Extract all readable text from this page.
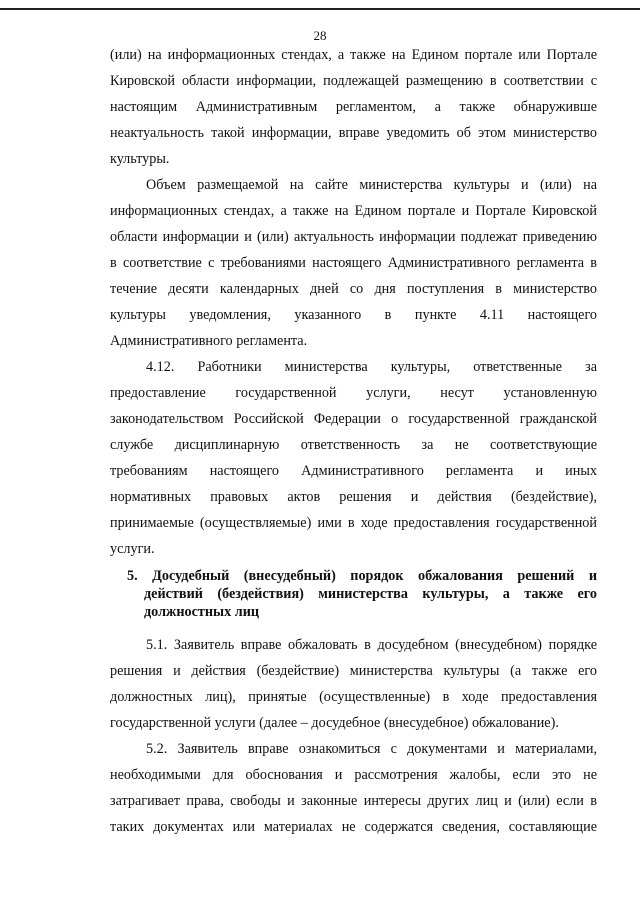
28
(или) на информационных стендах, а также на Едином портале или Портале
Кировской области информации, подлежащей размещению в соответствии с
настоящим Административным регламентом, а также обнаруживше
неактуальность такой информации, вправе уведомить об этом министерство
культуры.
Объем размещаемой на сайте министерства культуры и (или) на
информационных стендах, а также на Едином портале и Портале Кировской
области информации и (или) актуальность информации подлежат приведению
в соответствие с требованиями настоящего Административного регламента в
течение десяти календарных дней со дня поступления в министерство
культуры уведомления, указанного в пункте 4.11 настоящего
Административного регламента.
4.12. Работники министерства культуры, ответственные за
предоставление государственной услуги, несут установленную
законодательством Российской Федерации о государственной гражданской
службе дисциплинарную ответственность за не соответствующие
требованиям настоящего Административного регламента и иных
нормативных правовых актов решения и действия (бездействие),
принимаемые (осуществляемые) ими в ходе предоставления государственной
услуги.
5. Досудебный (внесудебный) порядок обжалования решений и
действий (бездействия) министерства культуры, а также его
должностных лиц
5.1. Заявитель вправе обжаловать в досудебном (внесудебном) порядке
решения и действия (бездействие) министерства культуры (а также его
должностных лиц), принятые (осуществленные) в ходе предоставления
государственной услуги (далее – досудебное (внесудебное) обжалование).
5.2. Заявитель вправе ознакомиться с документами и материалами,
необходимыми для обоснования и рассмотрения жалобы, если это не
затрагивает права, свободы и законные интересы других лиц и (или) если в
таких документах или материалах не содержатся сведения, составляющие
